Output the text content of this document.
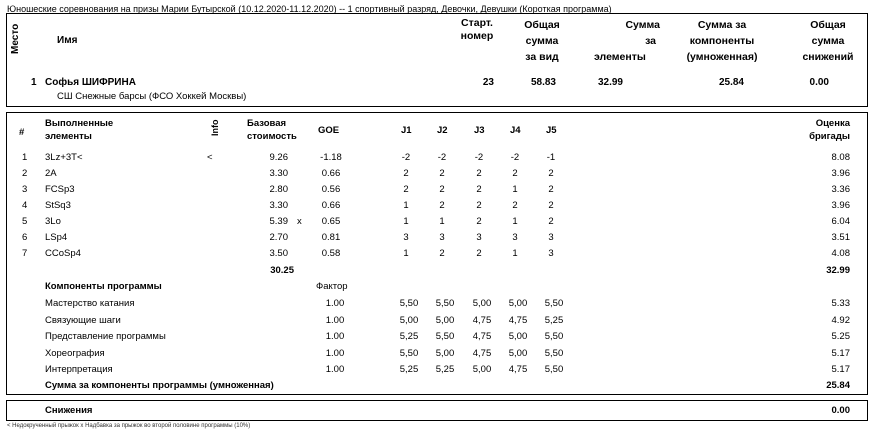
Юношеские соревнования на призы Марии Бутырской (10.12.2020-11.12.2020) -- 1 спортивный разряд, Девочки, Девушки (Короткая программа)
Место	Имя
Старт.
номер
Общая
сумма
за вид
Сумма
за
элементы
Сумма за
компоненты
(умноженная)
Общая
сумма
снижений
1 Софья ШИФРИНА
СШ Снежные барсы (ФСО Хоккей Москвы)
23	58.83	32.99	25.84	0.00
#
Выполненные
элементы
Info	Базовая
стоимость
GOE	J1	J2	J3	J4	J5
Оценка
бригады
1 3Lz+3T<	<	9.26	-1.18	-2	-2	-2	-2	-1	8.08
2 2A	3.30	0.66	2	2	2	2	2	3.96
3 FCSp3	2.80	0.56	2	2	2	1	2	3.36
4 StSq3	3.30	0.66	1	2	2	2	2	3.96
5 3Lo	5.39 x	0.65	1	1	2	1	2	6.04
6 LSp4	2.70	0.81	3	3	3	3	3	3.51
7 CCoSp4	3.50	0.58	1	2	2	1	3	4.08
30.25	32.99
Компоненты программы	Фактор
Мастерство катания	1.00	5,50	5,50	5,00	5,00	5,50	5.33
Связующие шаги	1.00	5,00	5,00	4,75	4,75	5,25	4.92
Представление программы	1.00	5,25	5,50	4,75	5,00	5,50	5.25
Хореография	1.00	5,50	5,00	4,75	5,00	5,50	5.17
Интерпретация	1.00	5,25	5,25	5,00	4,75	5,50	5.17
Сумма за компоненты программы (умноженная)	25.84
Снижения	0.00
< Недокрученный прыжок x Надбавка за прыжок во второй половине программы (10%)
